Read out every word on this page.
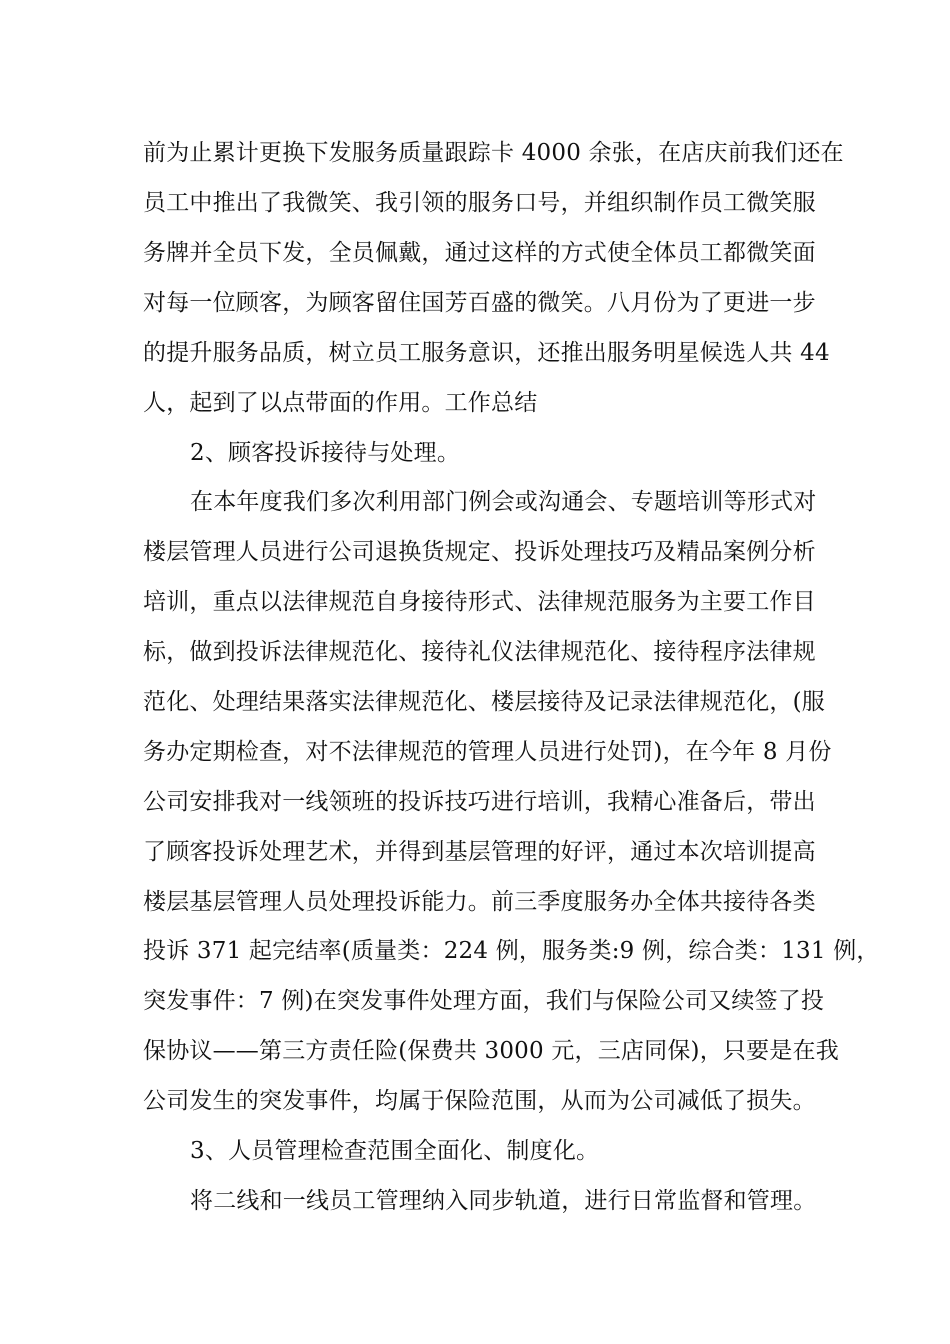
前为止累计更换下发服务质量跟踪卡 4000 余张，在店庆前我们还在
员工中推出了我微笑、我引领的服务口号，并组织制作员工微笑服
务牌并全员下发，全员佩戴，通过这样的方式使全体员工都微笑面
对每一位顾客，为顾客留住国芳百盛的微笑。八月份为了更进一步
的提升服务品质，树立员工服务意识，还推出服务明星候选人共 44
人，起到了以点带面的作用。工作总结
2、顾客投诉接待与处理。
在本年度我们多次利用部门例会或沟通会、专题培训等形式对
楼层管理人员进行公司退换货规定、投诉处理技巧及精品案例分析
培训，重点以法律规范自身接待形式、法律规范服务为主要工作目
标，做到投诉法律规范化、接待礼仪法律规范化、接待程序法律规
范化、处理结果落实法律规范化、楼层接待及记录法律规范化，(服
务办定期检查，对不法律规范的管理人员进行处罚)，在今年 8 月份
公司安排我对一线领班的投诉技巧进行培训，我精心准备后，带出
了顾客投诉处理艺术，并得到基层管理的好评，通过本次培训提高
楼层基层管理人员处理投诉能力。前三季度服务办全体共接待各类
投诉 371 起完结率(质量类：224 例，服务类:9 例，综合类：131 例，
突发事件：7 例)在突发事件处理方面，我们与保险公司又续签了投
保协议——第三方责任险(保费共 3000 元，三店同保)，只要是在我
公司发生的突发事件，均属于保险范围，从而为公司减低了损失。
3、人员管理检查范围全面化、制度化。
将二线和一线员工管理纳入同步轨道，进行日常监督和管理。
